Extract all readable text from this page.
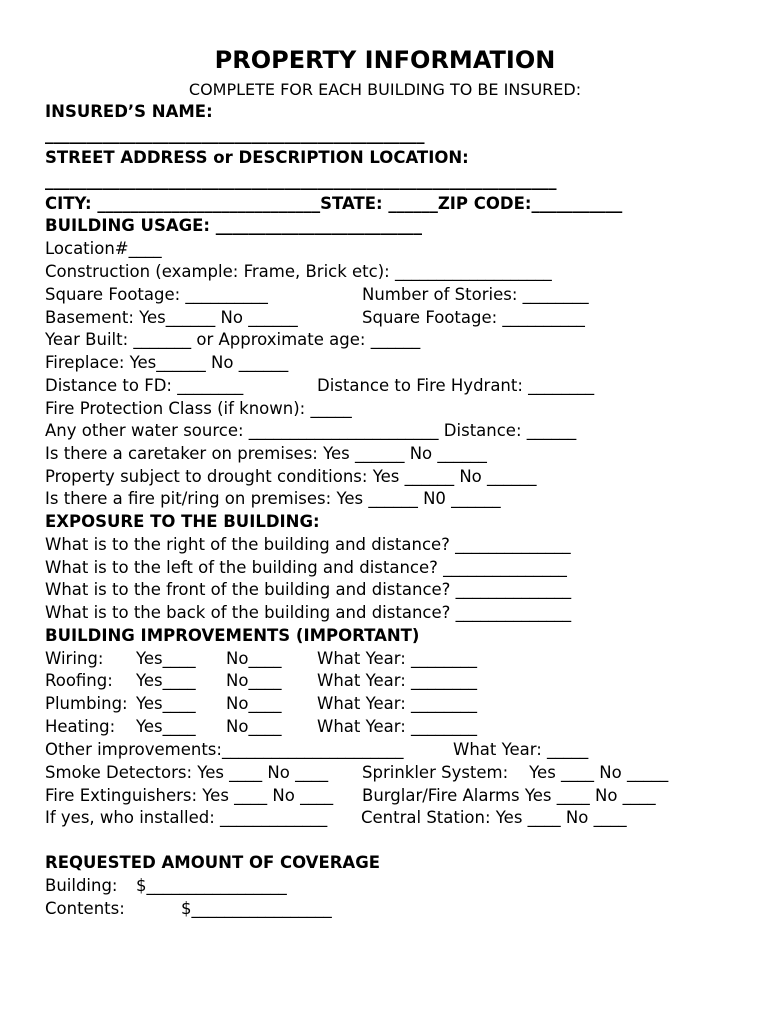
PROPERTY INFORMATION
COMPLETE FOR EACH BUILDING TO BE INSURED:
INSURED’S NAME:
______________________________________________
STREET ADDRESS or DESCRIPTION LOCATION:
______________________________________________________________
CITY: ___________________________STATE: ______ZIP CODE:___________
BUILDING USAGE: _________________________
Location#____
Construction (example: Frame, Brick etc): ___________________
Square Footage: __________	Number of Stories: ________
Basement: Yes______ No ______	Square Footage: __________
Year Built: _______ or Approximate age: ______
Fireplace: Yes______ No ______
Distance to FD: ________	Distance to Fire Hydrant: ________
Fire Protection Class (if known): _____
Any other water source: _______________________ Distance: ______
Is there a caretaker on premises: Yes ______ No ______
Property subject to drought conditions: Yes ______ No ______
Is there a fire pit/ring on premises: Yes ______ N0 ______
EXPOSURE TO THE BUILDING:
What is to the right of the building and distance? ______________
What is to the left of the building and distance? _______________
What is to the front of the building and distance? ______________
What is to the back of the building and distance? ______________
BUILDING IMPROVEMENTS (IMPORTANT)
Wiring: Yes____ No____ What Year: ________
Roofing: Yes____ No____ What Year: ________
Plumbing: Yes____ No____ What Year: ________
Heating: Yes____ No____ What Year: ________
Other improvements:______________________	What Year: _____
Smoke Detectors: Yes ____ No ____ Sprinkler System:    Yes ____ No _____
Fire Extinguishers: Yes ____ No ____ Burglar/Fire Alarms Yes ____ No ____
If yes, who installed: _____________ Central Station: Yes ____ No ____
REQUESTED AMOUNT OF COVERAGE
Building: $_________________
Contents:	$_________________
